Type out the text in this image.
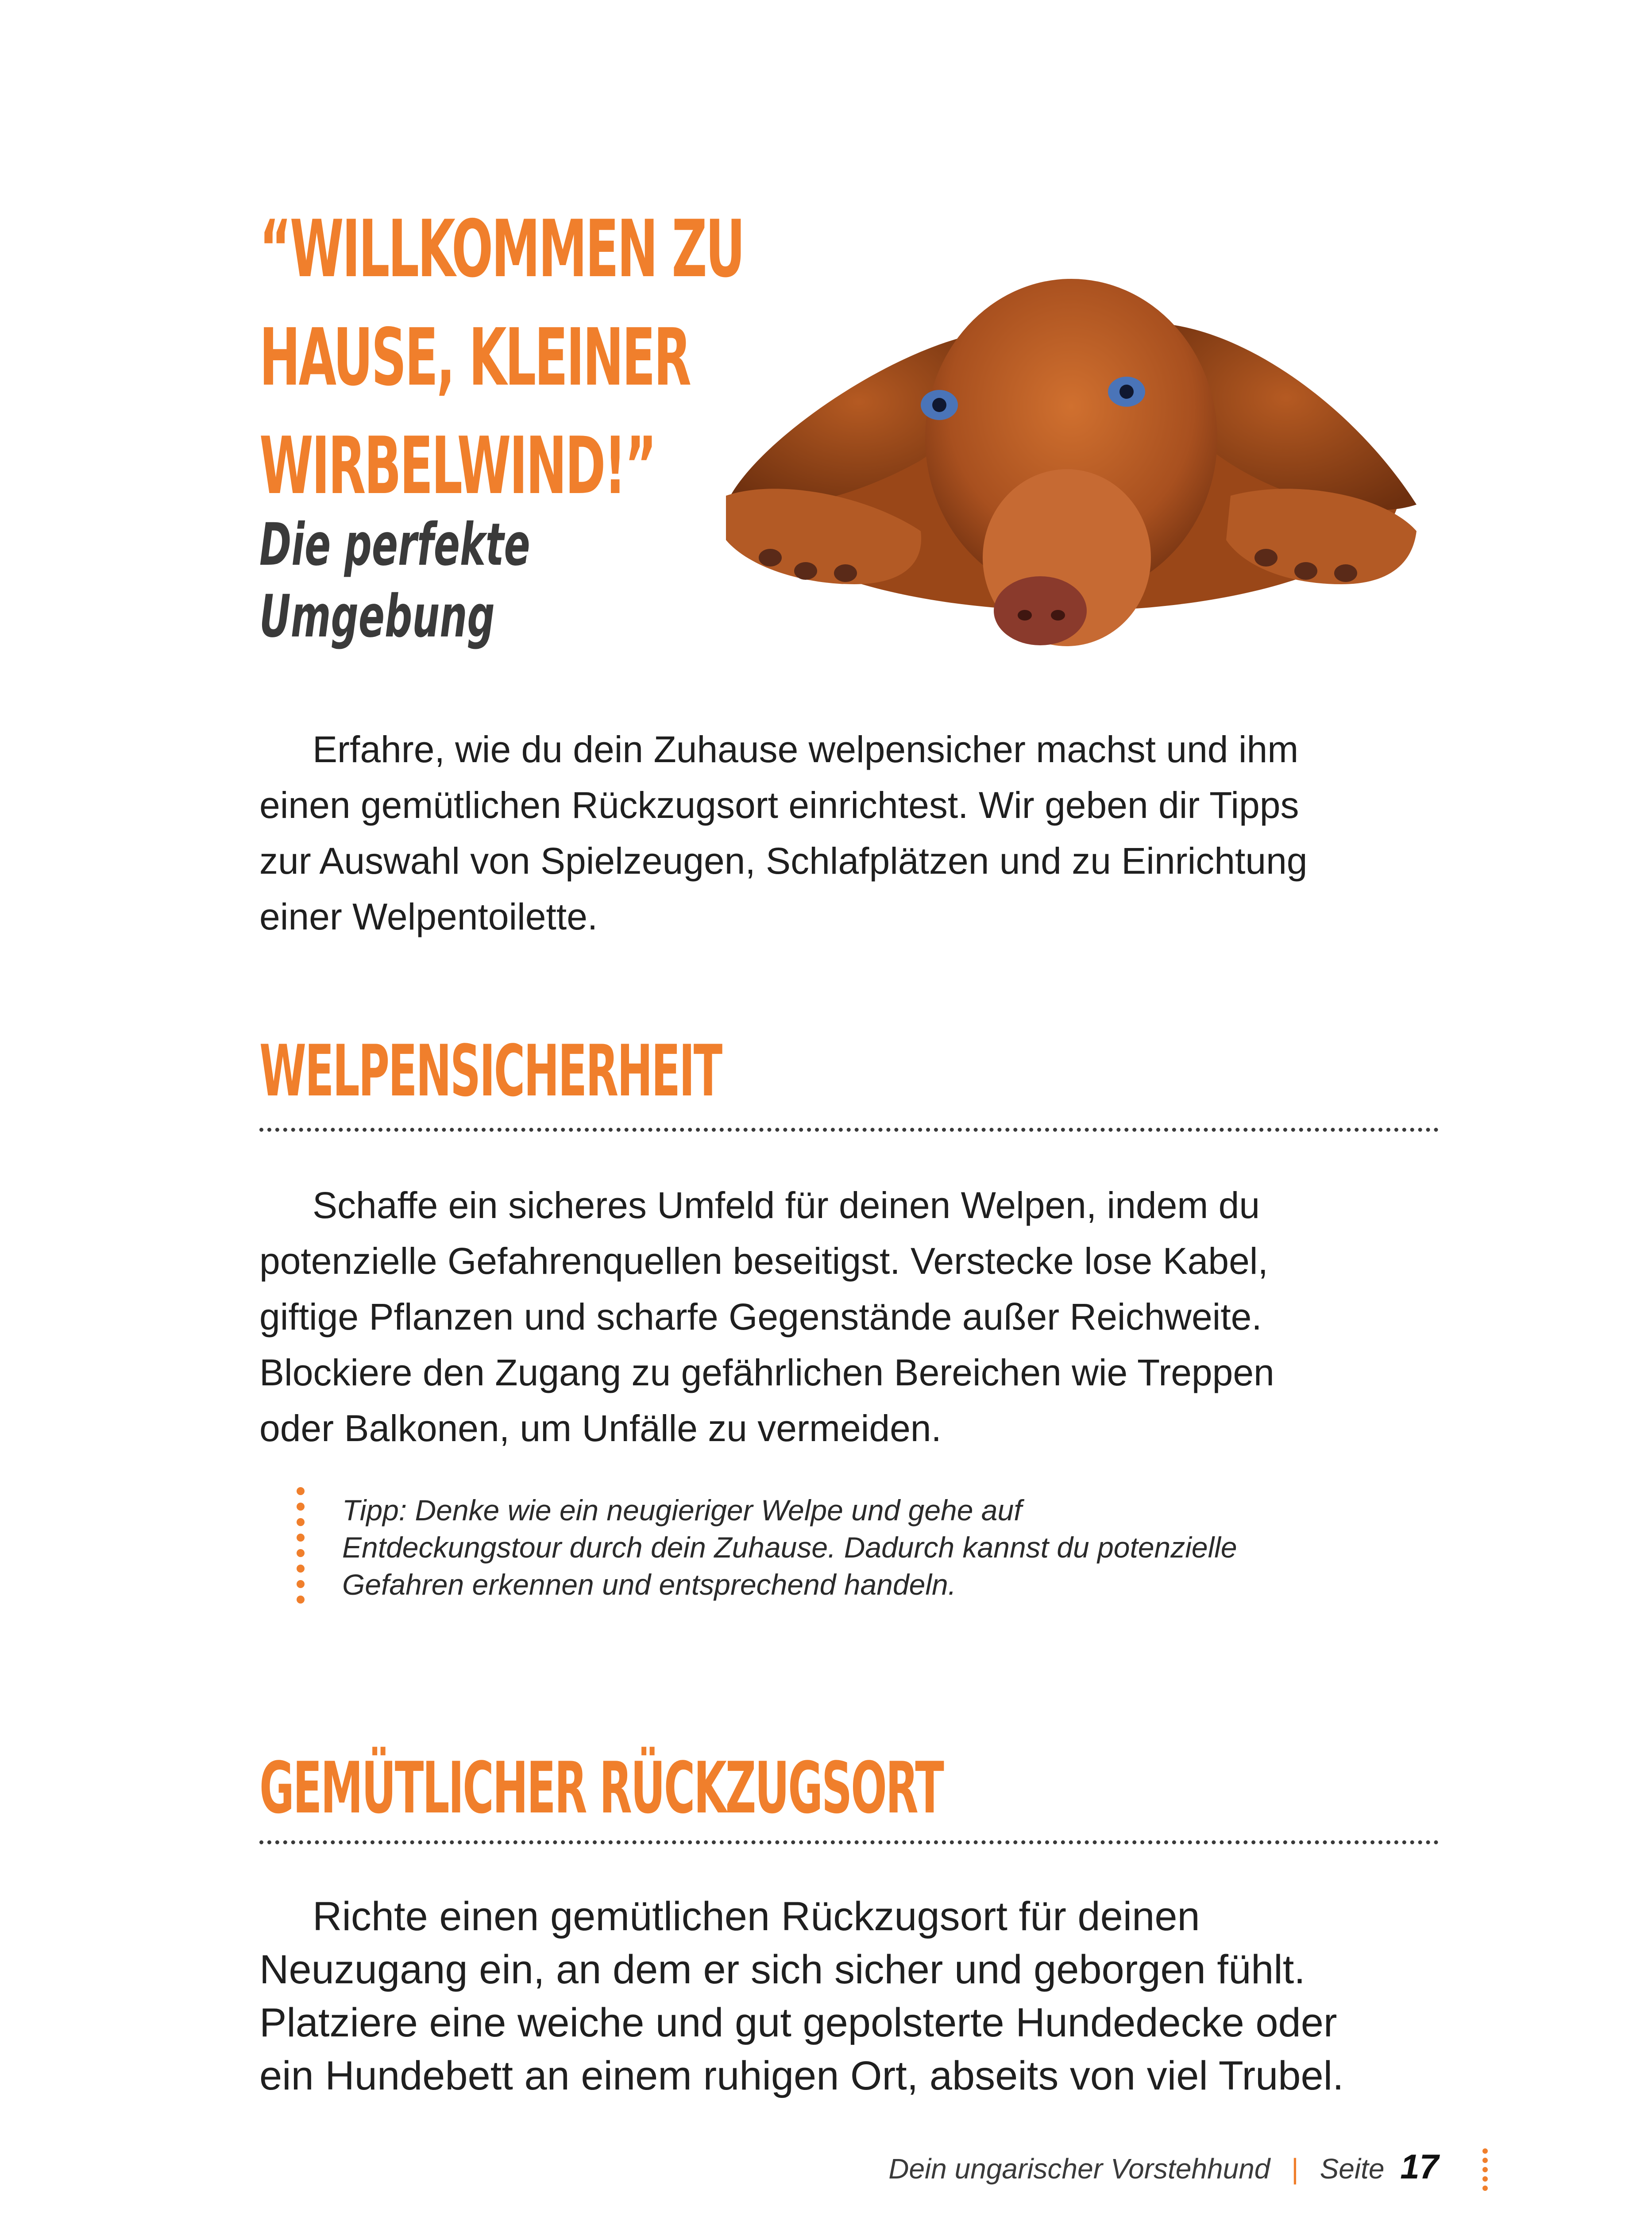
“WILLKOMMEN ZU
HAUSE, KLEINER
WIRBELWIND!”
Die perfekte
Umgebung
Erfahre, wie du dein Zuhause welpensicher machst und ihm
einen gemütlichen Rückzugsort einrichtest. Wir geben dir Tipps
zur Auswahl von Spielzeugen, Schlafplätzen und zu Einrichtung
einer Welpentoilette.
WELPENSICHERHEIT
Schaffe ein sicheres Umfeld für deinen Welpen, indem du
potenzielle Gefahrenquellen beseitigst. Verstecke lose Kabel,
giftige Pflanzen und scharfe Gegenstände außer Reichweite.
Blockiere den Zugang zu gefährlichen Bereichen wie Treppen
oder Balkonen, um Unfälle zu vermeiden.
Tipp: Denke wie ein neugieriger Welpe und gehe auf
Entdeckungstour durch dein Zuhause. Dadurch kannst du potenzielle
Gefahren erkennen und entsprechend handeln.
GEMÜTLICHER RÜCKZUGSORT
Richte einen gemütlichen Rückzugsort für deinen
Neuzugang ein, an dem er sich sicher und geborgen fühlt.
Platziere eine weiche und gut gepolsterte Hundedecke oder
ein Hundebett an einem ruhigen Ort, abseits von viel Trubel.
Dein ungarischer Vorstehhund | Seite 17
